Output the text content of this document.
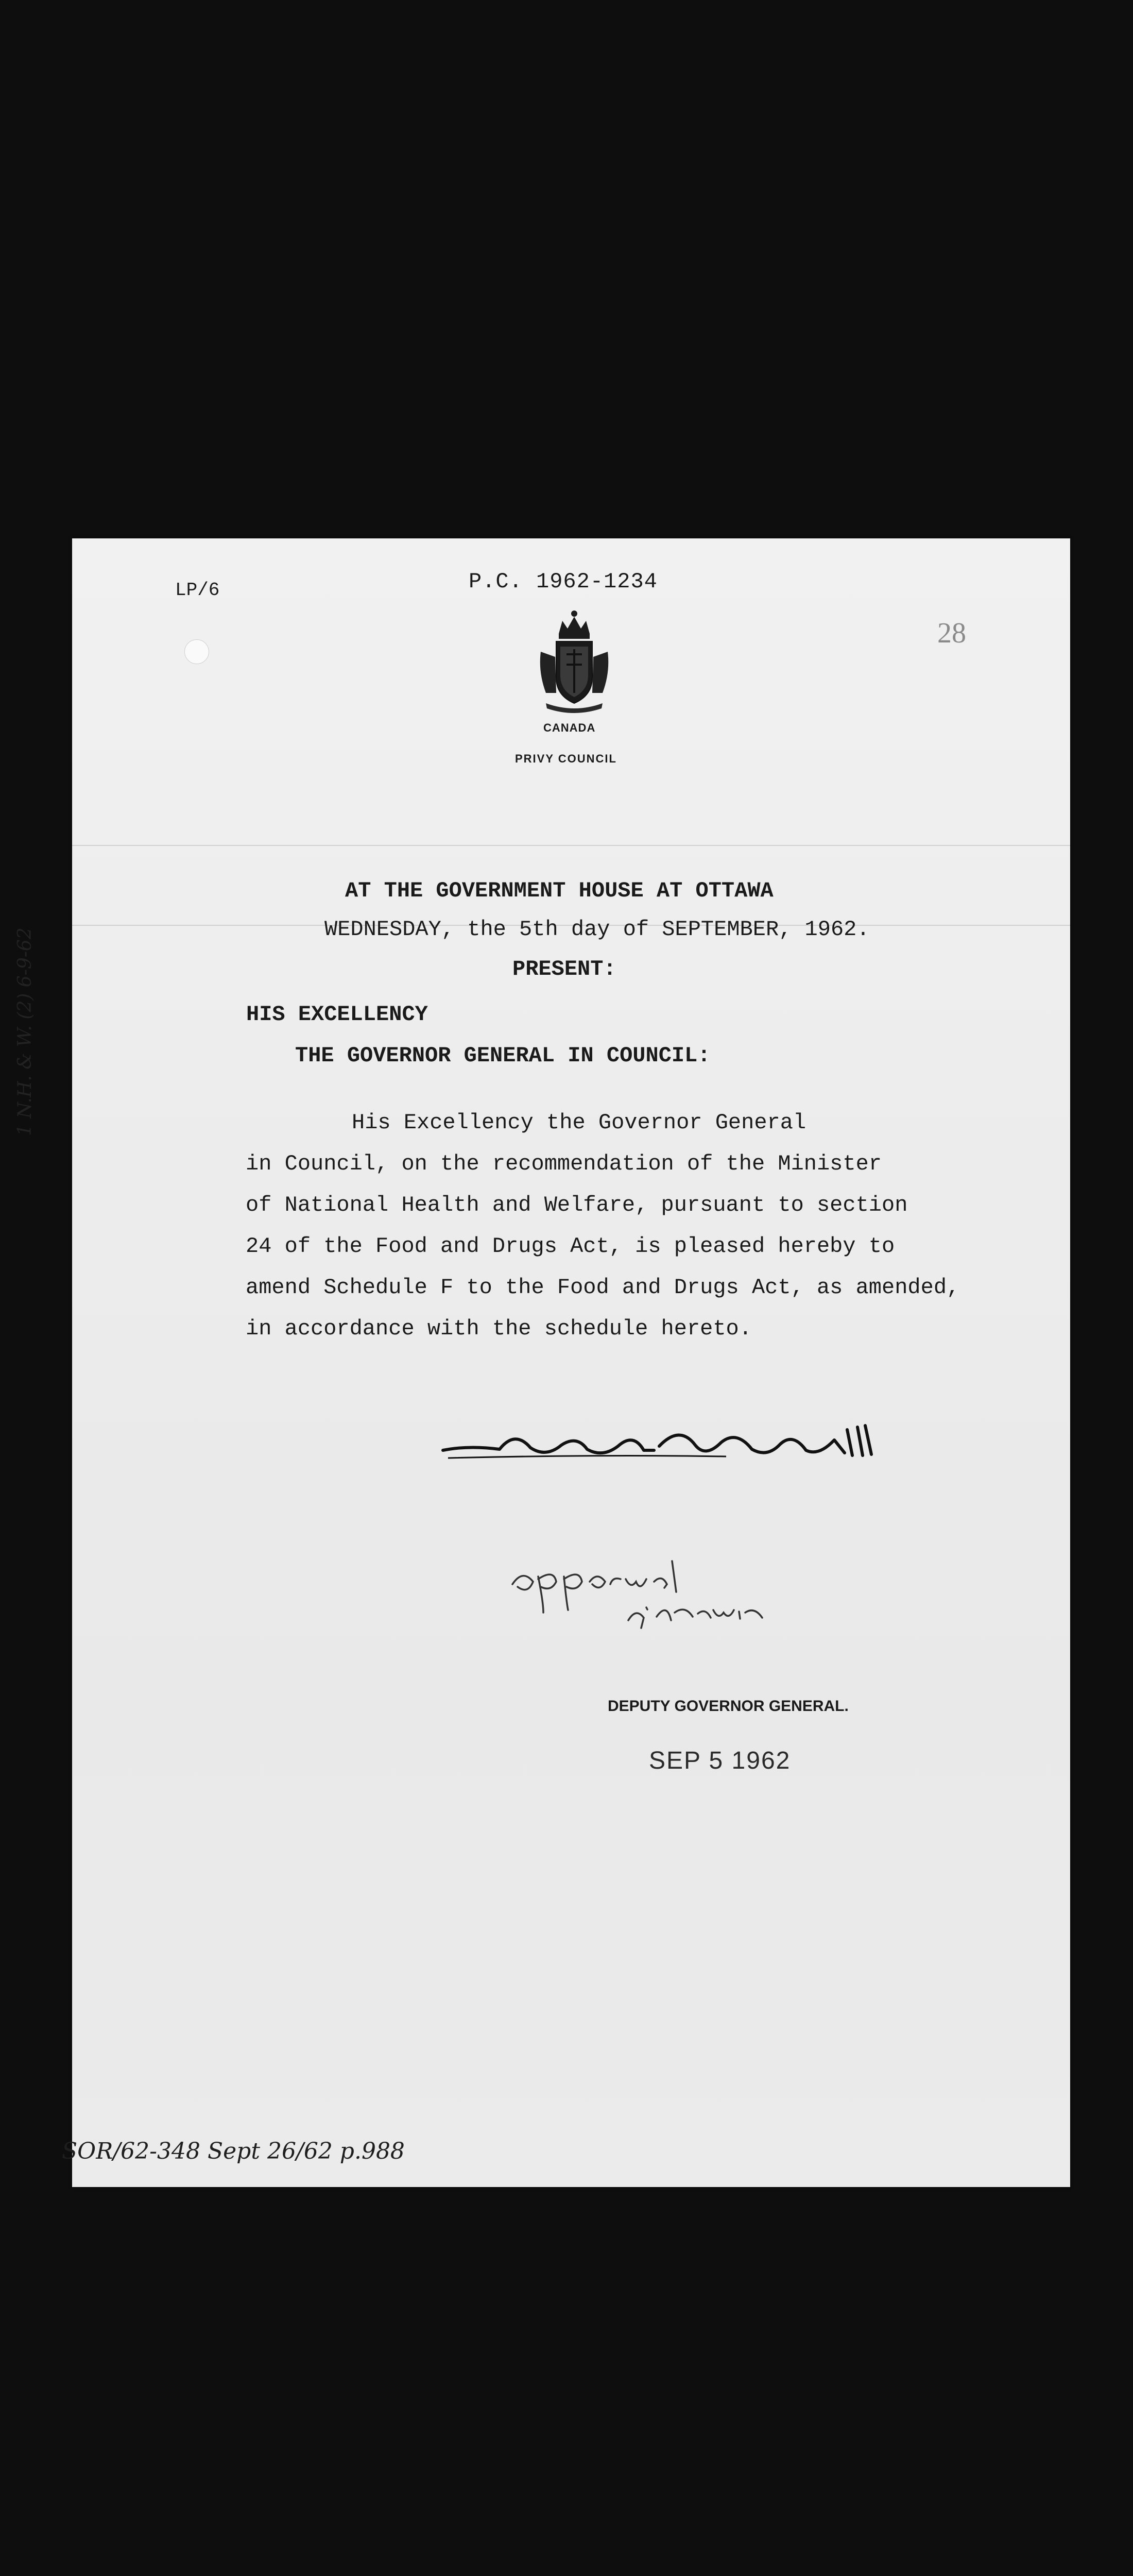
LP/6	P.C. 1962-1234
28
CANADA
PRIVY COUNCIL
AT THE GOVERNMENT HOUSE AT OTTAWA
WEDNESDAY, the 5th day of SEPTEMBER, 1962.
PRESENT:
HIS EXCELLENCY
THE GOVERNOR GENERAL IN COUNCIL:
His Excellency the Governor General
in Council, on the recommendation of the Minister
of National Health and Welfare, pursuant to section
24 of the Food and Drugs Act, is pleased hereby to
amend Schedule F to the Food and Drugs Act, as amended,
in accordance with the schedule hereto.
DEPUTY GOVERNOR GENERAL.
SEP 5 1962
1 N.H. & W. (2) 6-9-62
SOR/62-348 Sept 26/62 p.988
